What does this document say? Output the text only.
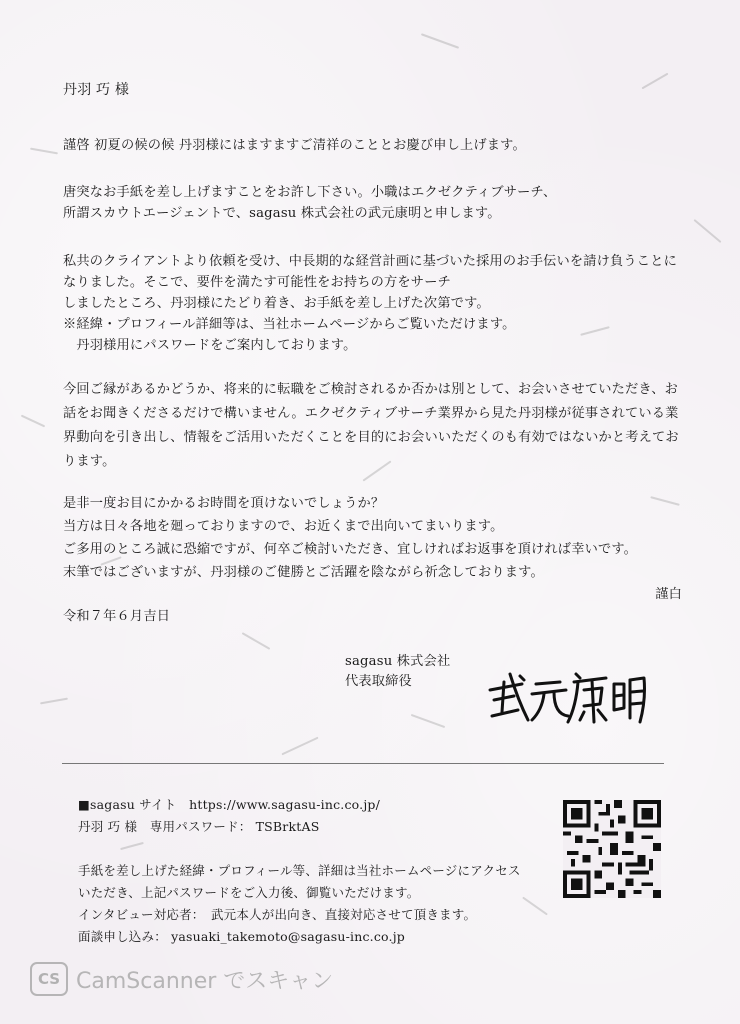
丹羽 巧 様
謹啓 初夏の候の候 丹羽様にはますますご清祥のこととお慶び申し上げます。
唐突なお手紙を差し上げますことをお許し下さい。小職はエクゼクティブサーチ、
所謂スカウトエージェントで、sagasu 株式会社の武元康明と申します。
私共のクライアントより依頼を受け、中長期的な経営計画に基づいた採用のお手伝いを請け負うことに
なりました。そこで、要件を満たす可能性をお持ちの方をサーチ
しましたところ、丹羽様にたどり着き、お手紙を差し上げた次第です。
※経緯・プロフィール詳細等は、当社ホームページからご覧いただけます。
　丹羽様用にパスワードをご案内しております。
今回ご縁があるかどうか、将来的に転職をご検討されるか否かは別として、お会いさせていただき、お
話をお聞きくださるだけで構いません。エクゼクティブサーチ業界から見た丹羽様が従事されている業
界動向を引き出し、情報をご活用いただくことを目的にお会いいただくのも有効ではないかと考えてお
ります。
是非一度お目にかかるお時間を頂けないでしょうか？
当方は日々各地を廻っておりますので、お近くまで出向いてまいります。
ご多用のところ誠に恐縮ですが、何卒ご検討いただき、宜しければお返事を頂ければ幸いです。
末筆ではございますが、丹羽様のご健勝とご活躍を陰ながら祈念しております。
謹白
令和７年６月吉日
sagasu 株式会社
代表取締役
■sagasu サイト　https://www.sagasu-inc.co.jp/
丹羽 巧 様　専用パスワード： TSBrktAS
手紙を差し上げた経緯・プロフィール等、詳細は当社ホームページにアクセス
いただき、上記パスワードをご入力後、御覧いただけます。
インタビュー対応者：　武元本人が出向き、直接対応させて頂きます。
面談申し込み： yasuaki_takemoto@sagasu-inc.co.jp
CS CamScanner でスキャン
